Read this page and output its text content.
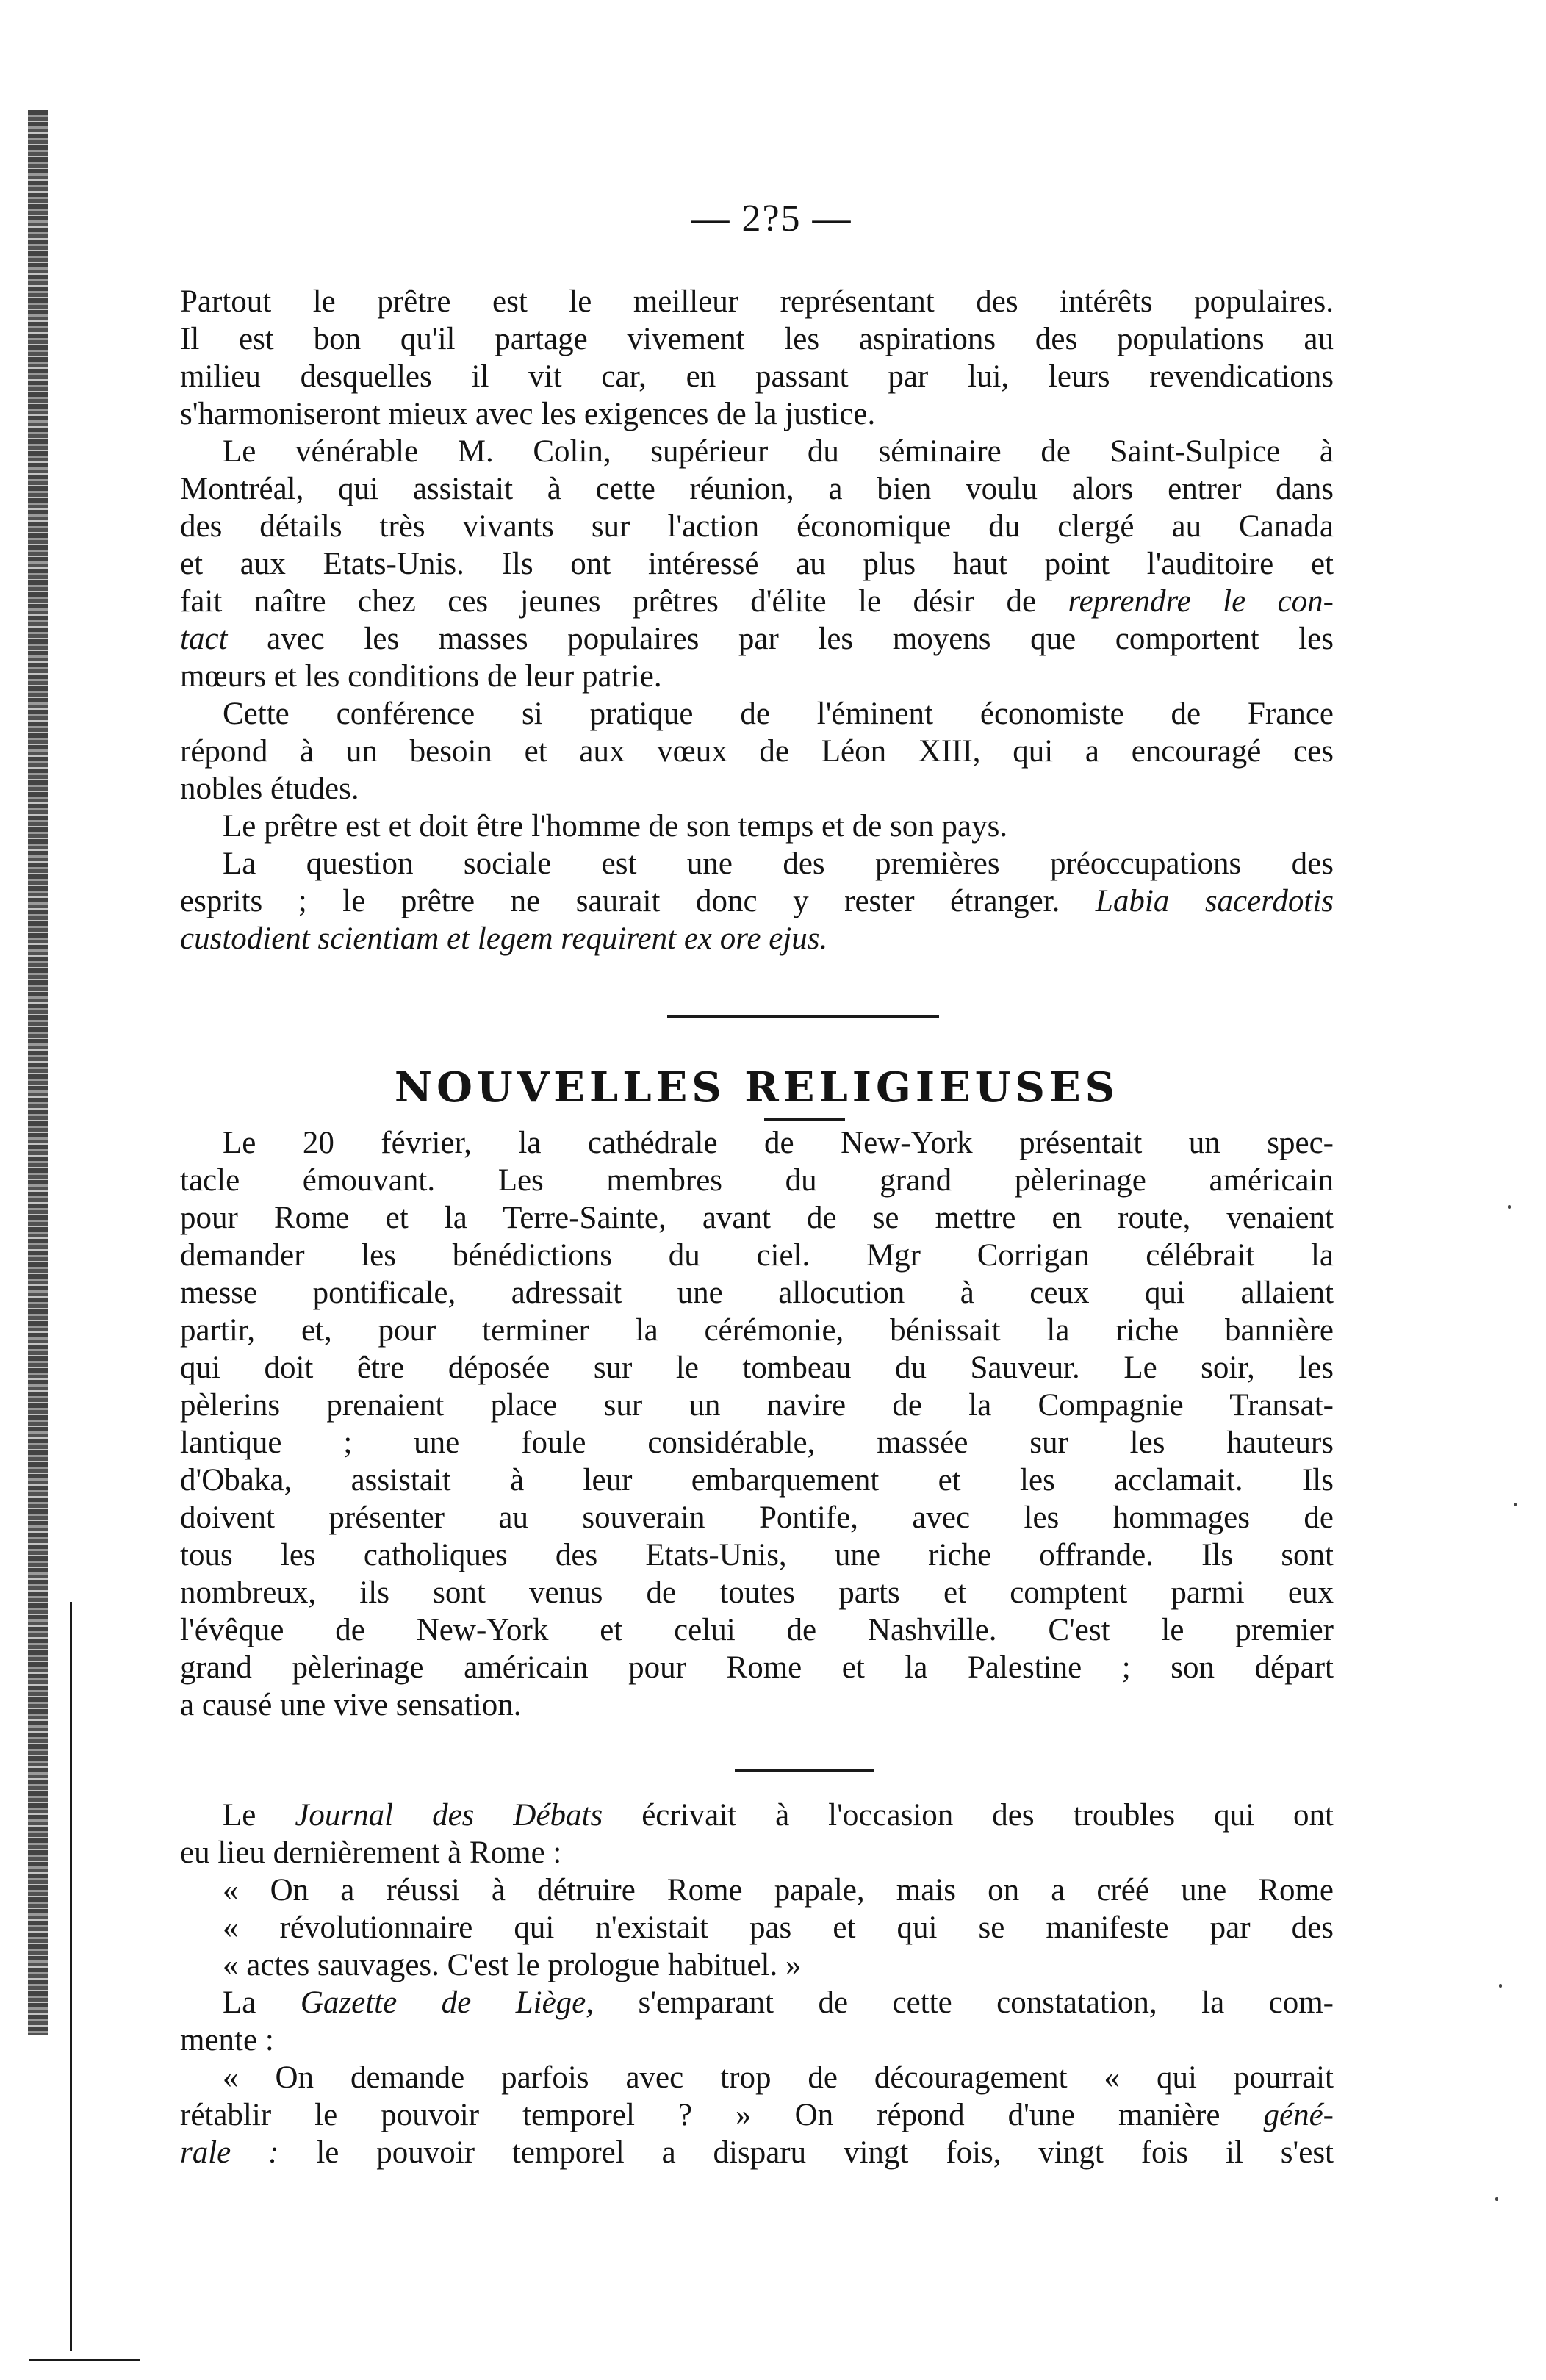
— 2?5 —
Partout le prêtre est le meilleur représentant des intérêts populaires.
Il est bon qu'il partage vivement les aspirations des populations au
milieu desquelles il vit car, en passant par lui, leurs revendications
s'harmoniseront mieux avec les exigences de la justice.
Le vénérable M. Colin, supérieur du séminaire de Saint-Sulpice à
Montréal, qui assistait à cette réunion, a bien voulu alors entrer dans
des détails très vivants sur l'action économique du clergé au Canada
et aux Etats-Unis. Ils ont intéressé au plus haut point l'auditoire et
fait naître chez ces jeunes prêtres d'élite le désir de reprendre le con-
tact avec les masses populaires par les moyens que comportent les
mœurs et les conditions de leur patrie.
Cette conférence si pratique de l'éminent économiste de France
répond à un besoin et aux vœux de Léon XIII, qui a encouragé ces
nobles études.
Le prêtre est et doit être l'homme de son temps et de son pays.
La question sociale est une des premières préoccupations des
esprits ; le prêtre ne saurait donc y rester étranger. Labia sacerdotis
custodient scientiam et legem requirent ex ore ejus.
NOUVELLES RELIGIEUSES
Le 20 février, la cathédrale de New-York présentait un spec-
tacle émouvant. Les membres du grand pèlerinage américain
pour Rome et la Terre-Sainte, avant de se mettre en route, venaient
demander les bénédictions du ciel. Mgr Corrigan célébrait la
messe pontificale, adressait une allocution à ceux qui allaient
partir, et, pour terminer la cérémonie, bénissait la riche bannière
qui doit être déposée sur le tombeau du Sauveur. Le soir, les
pèlerins prenaient place sur un navire de la Compagnie Transat-
lantique ; une foule considérable, massée sur les hauteurs
d'Obaka, assistait à leur embarquement et les acclamait. Ils
doivent présenter au souverain Pontife, avec les hommages de
tous les catholiques des Etats-Unis, une riche offrande. Ils sont
nombreux, ils sont venus de toutes parts et comptent parmi eux
l'évêque de New-York et celui de Nashville. C'est le premier
grand pèlerinage américain pour Rome et la Palestine ; son départ
a causé une vive sensation.
Le Journal des Débats écrivait à l'occasion des troubles qui ont
eu lieu dernièrement à Rome :
« On a réussi à détruire Rome papale, mais on a créé une Rome
« révolutionnaire qui n'existait pas et qui se manifeste par des
« actes sauvages. C'est le prologue habituel. »
La Gazette de Liège, s'emparant de cette constatation, la com-
mente :
« On demande parfois avec trop de découragement « qui pourrait
rétablir le pouvoir temporel ? » On répond d'une manière géné-
rale : le pouvoir temporel a disparu vingt fois, vingt fois il s'est
